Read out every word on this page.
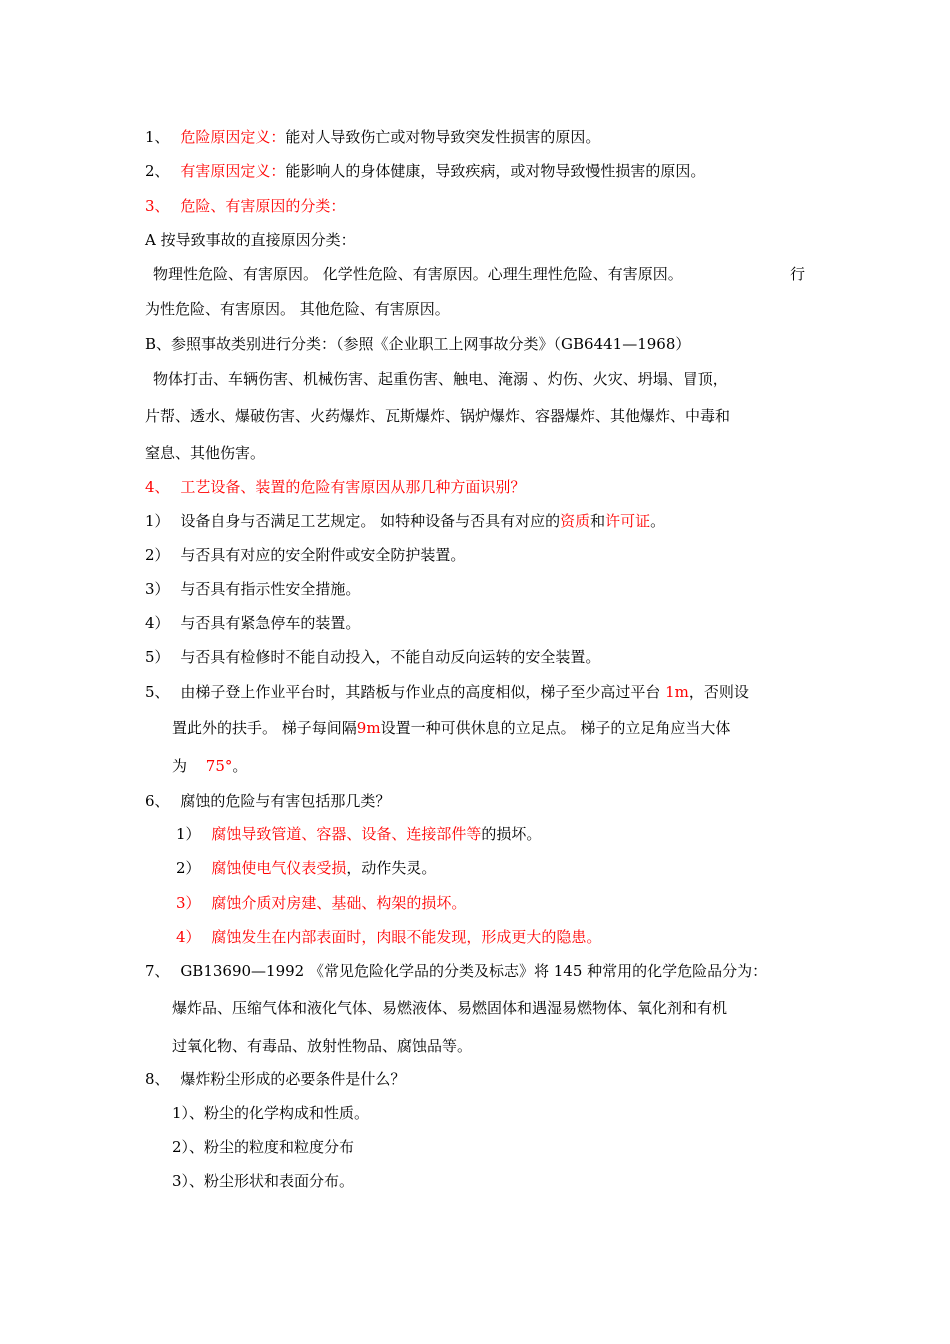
1、 危险原因定义：能对人导致伤亡或对物导致突发性损害的原因。
2、 有害原因定义：能影响人的身体健康，导致疾病，或对物导致慢性损害的原因。
3、 危险、有害原因的分类：
A 按导致事故的直接原因分类：
物理性危险、有害原因。 化学性危险、有害原因。心理生理性危险、有害原因。	行
为性危险、有害原因。 其他危险、有害原因。
B、参照事故类别进行分类：（参照《企业职工上网事故分类》（GB6441—1968）
物体打击、车辆伤害、机械伤害、起重伤害、触电、淹溺 、灼伤、火灾、坍塌、冒顶，
片帮、透水、爆破伤害、火药爆炸、瓦斯爆炸、锅炉爆炸、容器爆炸、其他爆炸、中毒和
窒息、其他伤害。
4、 工艺设备、装置的危险有害原因从那几种方面识别？
1） 设备自身与否满足工艺规定。 如特种设备与否具有对应的资质和许可证。
2） 与否具有对应的安全附件或安全防护装置。
3） 与否具有指示性安全措施。
4） 与否具有紧急停车的装置。
5） 与否具有检修时不能自动投入，不能自动反向运转的安全装置。
5、 由梯子登上作业平台时，其踏板与作业点的高度相似，梯子至少高过平台 1m，否则设
置此外的扶手。 梯子每间隔9m设置一种可供休息的立足点。 梯子的立足角应当大体
为 75°。
6、 腐蚀的危险与有害包括那几类？
1） 腐蚀导致管道、容器、设备、连接部件等的损坏。
2） 腐蚀使电气仪表受损，动作失灵。
3） 腐蚀介质对房建、基础、构架的损坏。
4） 腐蚀发生在内部表面时，肉眼不能发现，形成更大的隐患。
7、 GB13690—1992 《常见危险化学品的分类及标志》将 145 种常用的化学危险品分为：
爆炸品、压缩气体和液化气体、易燃液体、易燃固体和遇湿易燃物体、氧化剂和有机
过氧化物、有毒品、放射性物品、腐蚀品等。
8、 爆炸粉尘形成的必要条件是什么？
1）、粉尘的化学构成和性质。
2）、粉尘的粒度和粒度分布
3）、粉尘形状和表面分布。
